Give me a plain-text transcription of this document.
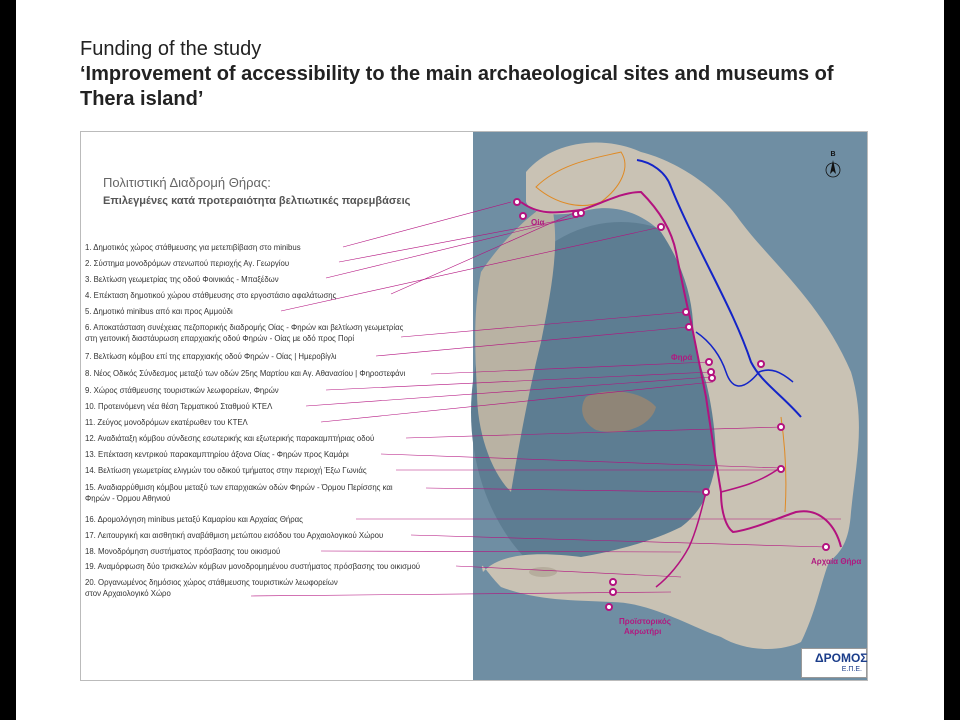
Funding of the study
‘Improvement of accessibility to the main archaeological sites and museums of Thera island’
Οία
Φηρά
Αρχαία Θήρα
Προϊστορικός
Ακρωτήρι
B
Πολιτιστική Διαδρομή Θήρας:
Επιλεγμένες κατά προτεραιότητα βελτιωτικές παρεμβάσεις
1. Δημοτικός χώρος στάθμευσης για μετεπιβίβαση στο minibus
2. Σύστημα μονοδρόμων στενωπού περιοχής Αγ. Γεωργίου
3. Βελτίωση γεωμετρίας της οδού Φοινικιάς - Μπαξέδων
4. Επέκταση δημοτικού χώρου στάθμευσης στο εργοστάσιο αφαλάτωσης
5. Δημοτικό minibus από και προς Αμμούδι
6. Αποκατάσταση συνέχειας πεζοπορικής διαδρομής Οίας - Φηρών και βελτίωση γεωμετρίας
στη γειτονική διαστάυρωση επαρχιακής οδού Φηρών - Οίας με οδό προς Πορί
7. Βελτίωση κόμβου επί της επαρχιακής οδού Φηρών - Οίας | Ημεροβίγλι
8. Νέος Οδικός Σύνδεσμος μεταξύ των οδών 25ης Μαρτίου και Αγ. Αθανασίου | Φηροστεφάνι
9. Χώρος στάθμευσης τουριστικών λεωφορείων, Φηρών
10. Προτεινόμενη νέα θέση Τερματικού Σταθμού ΚΤΕΛ
11. Ζεύγος μονοδρόμων εκατέρωθεν του ΚΤΕΛ
12. Αναδιάταξη κόμβου σύνδεσης εσωτερικής και εξωτερικής παρακαμπτήριας οδού
13. Επέκταση κεντρικού παρακαμπτηρίου άξονα Οίας - Φηρών προς Καμάρι
14. Βελτίωση γεωμετρίας ελιγμών του οδικού τμήματος στην περιοχή Έξω Γωνιάς
15. Αναδιαρρύθμιση κόμβου μεταξύ των επαρχιακών οδών Φηρών - Όρμου Περίσσης και
Φηρών - Όρμου Αθηνιού
16. Δρομολόγηση minibus μεταξύ Καμαρίου και Αρχαίας Θήρας
17. Λειτουργική και αισθητική αναβάθμιση μετώπου εισόδου του Αρχαιολογικού Χώρου
18. Μονοδρόμηση συστήματος πρόσβασης του οικισμού
19. Αναμόρφωση δύο τρισκελών κόμβων μονοδρομημένου συστήματος πρόσβασης του οικισμού
20. Οργανωμένος δημόσιος χώρος στάθμευσης τουριστικών λεωφορείων
στον Αρχαιολογικό Χώρο
ΔΡΟΜΟΣ
Ε.Π.Ε.
